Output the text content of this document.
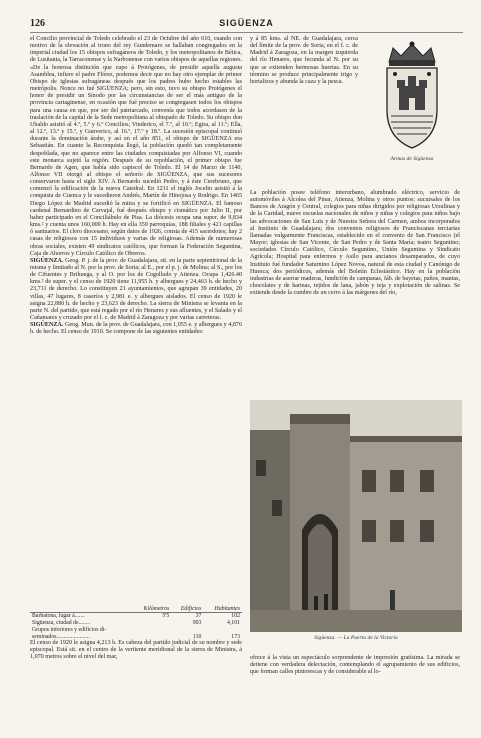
126	SIGÜENZA

el Concilio provincial de Toledo celebrado el 23 de Octubre del año 610, cuando con motivo de la elevación al trono del rey Gundemaro se hallaban congregados en la imperial ciudad los 15 obispos sufragáneos de Toledo, y los metropolitanos de Bética, de Lusitania, la Tarraconense y la Narbonense con varios obispos de aquellas regiones. «De la honrosa distinción que cupo á Protógenes, de presidir aquella augusta Asamblea, infiere el padre Flórez, podemos decir que no hay otro ejemplar de primer Obispo de iglesias sufragáneas después que los padres hubo hecho estables las metrópolis. Nonce no fué SIGÜENZA; pero, sin esto, tuvo su obispo Protógenes el honor de presidir un Sínodo por las circunstancias de ser el más antiguo de la provincia cartaginense, en ocasión que fué preciso se congregasen todos los obispos para una causa en que, por ser del patriarcado, convenía que todos acordasen de la traslación de la capital de la Sede metropolitana al obispado de Toledo. Su obispo don Ubaldo asistió al 4.º, 5.º y 6.º Concilios; Vinderico, el 7.º, al 10.º; Egira, al 11.º; Ella, al 12.º, 13.º y 15.º, y Gunverico, al 16.º, 17.º y 18.º. La sucesión episcopal continuó durante la dominación árabe, y así en el año 851, el obispo de SIGÜENZA era Sebastián. En cuanto la Reconquista llegó, la población quedó tan completamente despoblada, que no aparece entre las ciudades conquistadas por Alfonso VI, cuando este monarca sujetó la región. Después de su repoblación, el primer obispo fue Bernardo de Agen, que había sido capiscol de Toledo. El 14 de Marzo de 1140, Alfonso VII otorgó al obispo el señorío de SIGÜENZA, que sus sucesores conservaron hasta el siglo XIV. A Bernardo sucedió Pedro, y á éste Cerebruno, que comenzó la edificación de la nueva Catedral. En 1211 el inglés Jocelin asistió á la conquista de Cuenca y le sucedieron Andrés, Martín de Hinojosa y Rodrigo. En 1465 Diego López de Madrid sucedió la mitra y se fortificó en SIGÜENZA. El famoso cardenal Bernardino de Carvajal, fué después obispo y cismático por Julio II, por haber participado en el Conciliábulo de Pisa. La diócesis ocupa una super. de 9,834 kms.² y cuenta unos 160,000 h. Hay en ella 359 parroquias, 188 filiales y 421 capillas ó santuarios. El clero diocesano, según datos de 1926, consta de 415 sacerdotes; hay 2 casas de religiosos con 15 individuos y varias de religiosas. Además de numerosas obras sociales, existen 49 sindicatos católicos, que forman la Federación Seguntina, Caja de Ahorros y Círculo Católico de Obreros.

SIGÜENZA. Geog. P. j. de la prov. de Guadalajara, sit. en la parte septentrional de la misma y limitado al N. por la prov. de Soria; al E., por el p. j. de Molina; al S., por los de Cifuentes y Brihuega, y al O. por los de Cogolludo y Atienza. Ocupa 1,426.40 kms.² de super. y el censo de 1920 tiene 11,955 h. y albergues y 24,463 h. de hecho y 23,711 de derecho. Lo constituyen 21 ayuntamientos, que agrupan 39 entidades, 20 villas, 47 lugares, 8 caseríos y 2,981 e. y albergues aislados. El censo de 1920 le asigna 22,880 h. de hecho y 23,623 de derecho. La sierra de Ministra se levanta en la parte N. del partido, que está regado por el río Henares y sus afluentes, y el Salado y el Cañamares y cruzado por el f. c. de Madrid á Zaragoza y por varias carreteras.

SIGÜENZA. Geog. Mun. de la prov. de Guadalajara, con 1,055 e. y albergues y 4,876 h. de hecho. El censo de 1910. Se compone de las siguientes entidades:

	Kilómetros	Edificios	Habitantes
Barbatona, lugar á.......	5'5	37	102
Sigüenza, ciudad de........		903	4,101
Grupos inferiores y edificios di-			
seminados.......................		110	173

El censo de 1920 le asigna 4,213 h. Es cabeza del partido judicial de su nombre y sede episcopal. Está sit. en el centro de la vertiente meridional de la sierra de Ministra, á 1,070 metros sobre el nivel del mar,

y á 85 kms. al NE. de Guadalajara, cerca del límite de la prov. de Soria, en el f. c. de Madrid á Zaragoza, en la margen izquierda del río Henares, que fecunda al N. por su que se extienden hermosas huertas. En su término se produce principalmente trigo y hortalizos y abunda la caza y la pesca.

Armas de Sigüenza

La población posee teléfono interurbano, alumbrado eléctrico, servicio de automóviles á Alcolea del Pinar, Atienza, Molina y otros puntos; sucursales de los Bancos de Aragón y Central, colegios para niñas dirigidos por religiosas Ursulinas y de la Caridad, nueve escuelas nacionales de niños y niñas y colegios para niños bajo las advocaciones de San Luis y de Nuestra Señora del Carmen, ambos incorporados al Instituto de Guadalajara; dos conventos religiosos de Franciscanas terciarias llamadas vulgarmente Franciscas, establecido en el convento de San Francisco (el Mayor; iglesias de San Vicente, de San Pedro y de Santa María; teatro Seguntino; sociedades Círculo Católico, Círculo Seguntino, Unión Seguntina y Sindicato Agrícola; Hospital para enfermos y Asilo para ancianos desamparados, de cuyo Instituto fué fundador Saturnino López Novoa, natural de esta ciudad y Canónigo de Huesca; dos periódicos, además del Boletín Eclesiástico. Hay en la población industrias de aserrar maderas, fundición de campanas, fáb. de bayetas, paños, mantas, chocolates y de harinas, tejidos de lana, jabón y teja y explotación de salinas. Se extiende desde la cumbre de un cerro á las márgenes del río,

Sigüenza. — La Puerta de la Victoria

ofrece á la vista un espectáculo sorprendente de impresión gratísima. La mirada se detiene con verdadera delectación, contemplando el agrupamiento de sus edificios, que forman calles pintorescas y de considerable al lo-
